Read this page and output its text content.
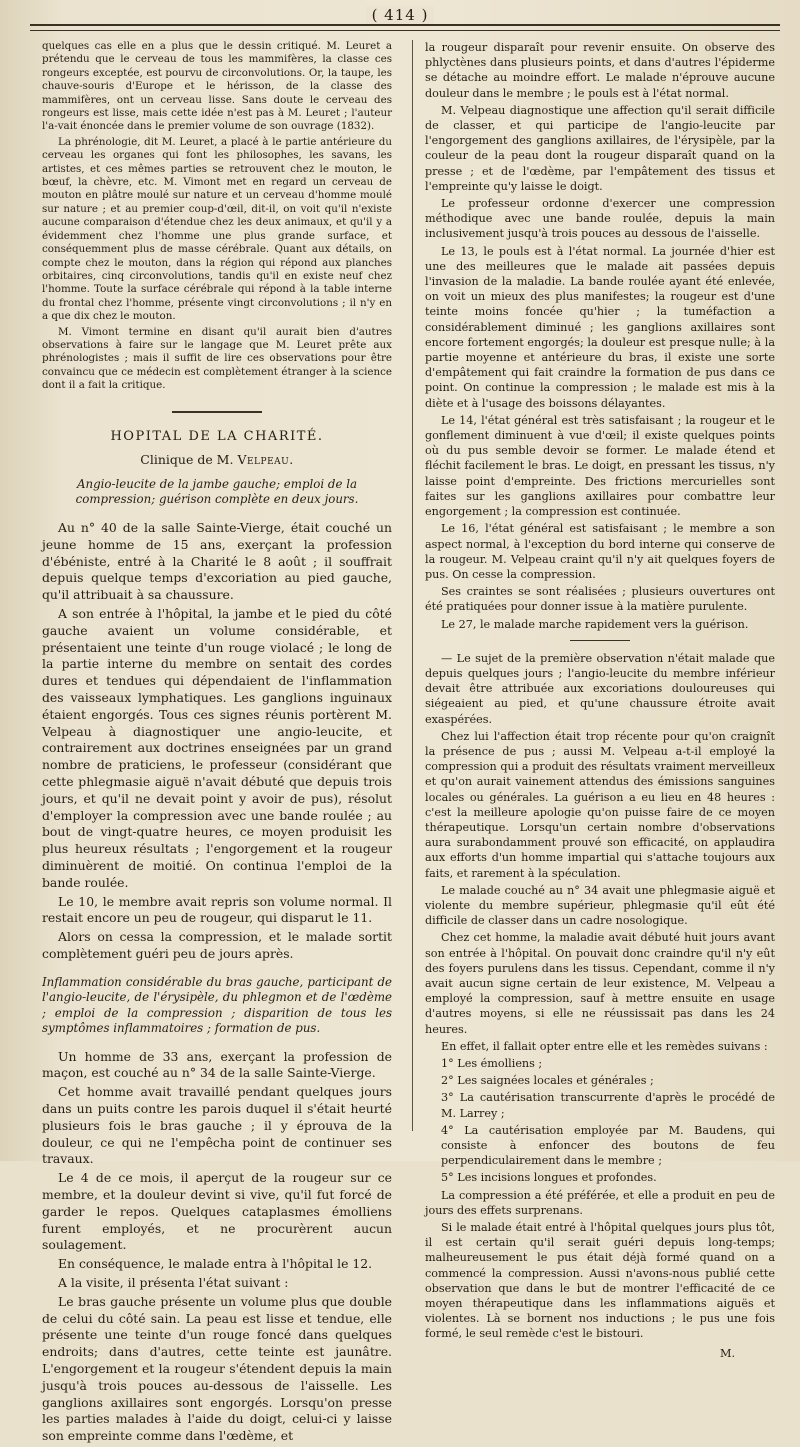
( 414 )

quelques cas elle en a plus que le dessin critiqué. M. Leuret a prétendu que le cerveau de tous les mammifères, la classe ces rongeurs exceptée, est pourvu de circonvolutions. Or, la taupe, les chauve-souris d'Europe et le hérisson, de la classe des mammifères, ont un cerveau lisse. Sans doute le cerveau des rongeurs est lisse, mais cette idée n'est pas à M. Leuret ; l'auteur l'a-vait énoncée dans le premier volume de son ouvrage (1832).

La phrénologie, dit M. Leuret, a placé à le partie antérieure du cerveau les organes qui font les philosophes, les savans, les artistes, et ces mêmes parties se retrouvent chez le mouton, le bœuf, la chèvre, etc. M. Vimont met en regard un cerveau de mouton en plâtre moulé sur nature et un cerveau d'homme moulé sur nature ; et au premier coup-d'œil, dit-il, on voit qu'il n'existe aucune comparaison d'étendue chez les deux animaux, et qu'il y a évidemment chez l'homme une plus grande surface, et conséquemment plus de masse cérébrale. Quant aux détails, on compte chez le mouton, dans la région qui répond aux planches orbitaires, cinq circonvolutions, tandis qu'il en existe neuf chez l'homme. Toute la surface cérébrale qui répond à la table interne du frontal chez l'homme, présente vingt circonvolutions ; il n'y en a que dix chez le mouton.

M. Vimont termine en disant qu'il aurait bien d'autres observations à faire sur le langage que M. Leuret prête aux phrénologistes ; mais il suffit de lire ces observations pour être convaincu que ce médecin est complètement étranger à la science dont il a fait la critique.

HOPITAL DE LA CHARITÉ.
Clinique de M. Velpeau.
Angio-leucite de la jambe gauche; emploi de la compression; guérison complète en deux jours.

Au n° 40 de la salle Sainte-Vierge, était couché un jeune homme de 15 ans, exerçant la profession d'ébéniste, entré à la Charité le 8 août ; il souffrait depuis quelque temps d'excoriation au pied gauche, qu'il attribuait à sa chaussure.

A son entrée à l'hôpital, la jambe et le pied du côté gauche avaient un volume considérable, et présentaient une teinte d'un rouge violacé ; le long de la partie interne du membre on sentait des cordes dures et tendues qui dépendaient de l'inflammation des vaisseaux lymphatiques. Les ganglions inguinaux étaient engorgés. Tous ces signes réunis portèrent M. Velpeau à diagnostiquer une angio-leucite, et contrairement aux doctrines enseignées par un grand nombre de praticiens, le professeur (considérant que cette phlegmasie aiguë n'avait débuté que depuis trois jours, et qu'il ne devait point y avoir de pus), résolut d'employer la compression avec une bande roulée ; au bout de vingt-quatre heures, ce moyen produisit les plus heureux résultats ; l'engorgement et la rougeur diminuèrent de moitié. On continua l'emploi de la bande roulée.

Le 10, le membre avait repris son volume normal. Il restait encore un peu de rougeur, qui disparut le 11.

Alors on cessa la compression, et le malade sortit complètement guéri peu de jours après.

Inflammation considérable du bras gauche, participant de l'angio-leucite, de l'érysipèle, du phlegmon et de l'œdème ; emploi de la compression ; disparition de tous les symptômes inflammatoires ; formation de pus.

Un homme de 33 ans, exerçant la profession de maçon, est couché au n° 34 de la salle Sainte-Vierge.

Cet homme avait travaillé pendant quelques jours dans un puits contre les parois duquel il s'était heurté plusieurs fois le bras gauche ; il y éprouva de la douleur, ce qui ne l'empêcha point de continuer ses travaux.

Le 4 de ce mois, il aperçut de la rougeur sur ce membre, et la douleur devint si vive, qu'il fut forcé de garder le repos. Quelques cataplasmes émolliens furent employés, et ne procurèrent aucun soulagement.

En conséquence, le malade entra à l'hôpital le 12.

A la visite, il présenta l'état suivant :

Le bras gauche présente un volume plus que double de celui du côté sain. La peau est lisse et tendue, elle présente une teinte d'un rouge foncé dans quelques endroits; dans d'autres, cette teinte est jaunâtre. L'engorgement et la rougeur s'étendent depuis la main jusqu'à trois pouces au-dessous de l'aisselle. Les ganglions axillaires sont engorgés. Lorsqu'on presse les parties malades à l'aide du doigt, celui-ci y laisse son empreinte comme dans l'œdème, et

la rougeur disparaît pour revenir ensuite. On observe des phlyctènes dans plusieurs points, et dans d'autres l'épiderme se détache au moindre effort. Le malade n'éprouve aucune douleur dans le membre ; le pouls est à l'état normal.

M. Velpeau diagnostique une affection qu'il serait difficile de classer, et qui participe de l'angio-leucite par l'engorgement des ganglions axillaires, de l'érysipèle, par la couleur de la peau dont la rougeur disparaît quand on la presse ; et de l'œdème, par l'empâtement des tissus et l'empreinte qu'y laisse le doigt.

Le professeur ordonne d'exercer une compression méthodique avec une bande roulée, depuis la main inclusivement jusqu'à trois pouces au dessous de l'aisselle.

Le 13, le pouls est à l'état normal. La journée d'hier est une des meilleures que le malade ait passées depuis l'invasion de la maladie. La bande roulée ayant été enlevée, on voit un mieux des plus manifestes; la rougeur est d'une teinte moins foncée qu'hier ; la tuméfaction a considérablement diminué ; les ganglions axillaires sont encore fortement engorgés; la douleur est presque nulle; à la partie moyenne et antérieure du bras, il existe une sorte d'empâtement qui fait craindre la formation de pus dans ce point. On continue la compression ; le malade est mis à la diète et à l'usage des boissons délayantes.

Le 14, l'état général est très satisfaisant ; la rougeur et le gonflement diminuent à vue d'œil; il existe quelques points où du pus semble devoir se former. Le malade étend et fléchit facilement le bras. Le doigt, en pressant les tissus, n'y laisse point d'empreinte. Des frictions mercurielles sont faites sur les ganglions axillaires pour combattre leur engorgement ; la compression est continuée.

Le 16, l'état général est satisfaisant ; le membre a son aspect normal, à l'exception du bord interne qui conserve de la rougeur. M. Velpeau craint qu'il n'y ait quelques foyers de pus. On cesse la compression.

Ses craintes se sont réalisées ; plusieurs ouvertures ont été pratiquées pour donner issue à la matière purulente.

Le 27, le malade marche rapidement vers la guérison.

— Le sujet de la première observation n'était malade que depuis quelques jours ; l'angio-leucite du membre inférieur devait être attribuée aux excoriations douloureuses qui siégeaient au pied, et qu'une chaussure étroite avait exaspérées.

Chez lui l'affection était trop récente pour qu'on craignît la présence de pus ; aussi M. Velpeau a-t-il employé la compression qui a produit des résultats vraiment merveilleux et qu'on aurait vainement attendus des émissions sanguines locales ou générales. La guérison a eu lieu en 48 heures : c'est la meilleure apologie qu'on puisse faire de ce moyen thérapeutique. Lorsqu'un certain nombre d'observations aura surabondamment prouvé son efficacité, on applaudira aux efforts d'un homme impartial qui s'attache toujours aux faits, et rarement à la spéculation.

Le malade couché au n° 34 avait une phlegmasie aiguë et violente du membre supérieur, phlegmasie qu'il eût été difficile de classer dans un cadre nosologique.

Chez cet homme, la maladie avait débuté huit jours avant son entrée à l'hôpital. On pouvait donc craindre qu'il n'y eût des foyers purulens dans les tissus. Cependant, comme il n'y avait aucun signe certain de leur existence, M. Velpeau a employé la compression, sauf à mettre ensuite en usage d'autres moyens, si elle ne réussissait pas dans les 24 heures.

En effet, il fallait opter entre elle et les remèdes suivans :

1° Les émolliens ;

2° Les saignées locales et générales ;

3° La cautérisation transcurrente d'après le procédé de M. Larrey ;

4° La cautérisation employée par M. Baudens, qui consiste à enfoncer des boutons de feu perpendiculairement dans le membre ;

5° Les incisions longues et profondes.

La compression a été préférée, et elle a produit en peu de jours des effets surprenans.

Si le malade était entré à l'hôpital quelques jours plus tôt, il est certain qu'il serait guéri depuis long-temps; malheureusement le pus était déjà formé quand on a commencé la compression. Aussi n'avons-nous publié cette observation que dans le but de montrer l'efficacité de ce moyen thérapeutique dans les inflammations aiguës et violentes. Là se bornent nos inductions ; le pus une fois formé, le seul remède c'est le bistouri.

M.
